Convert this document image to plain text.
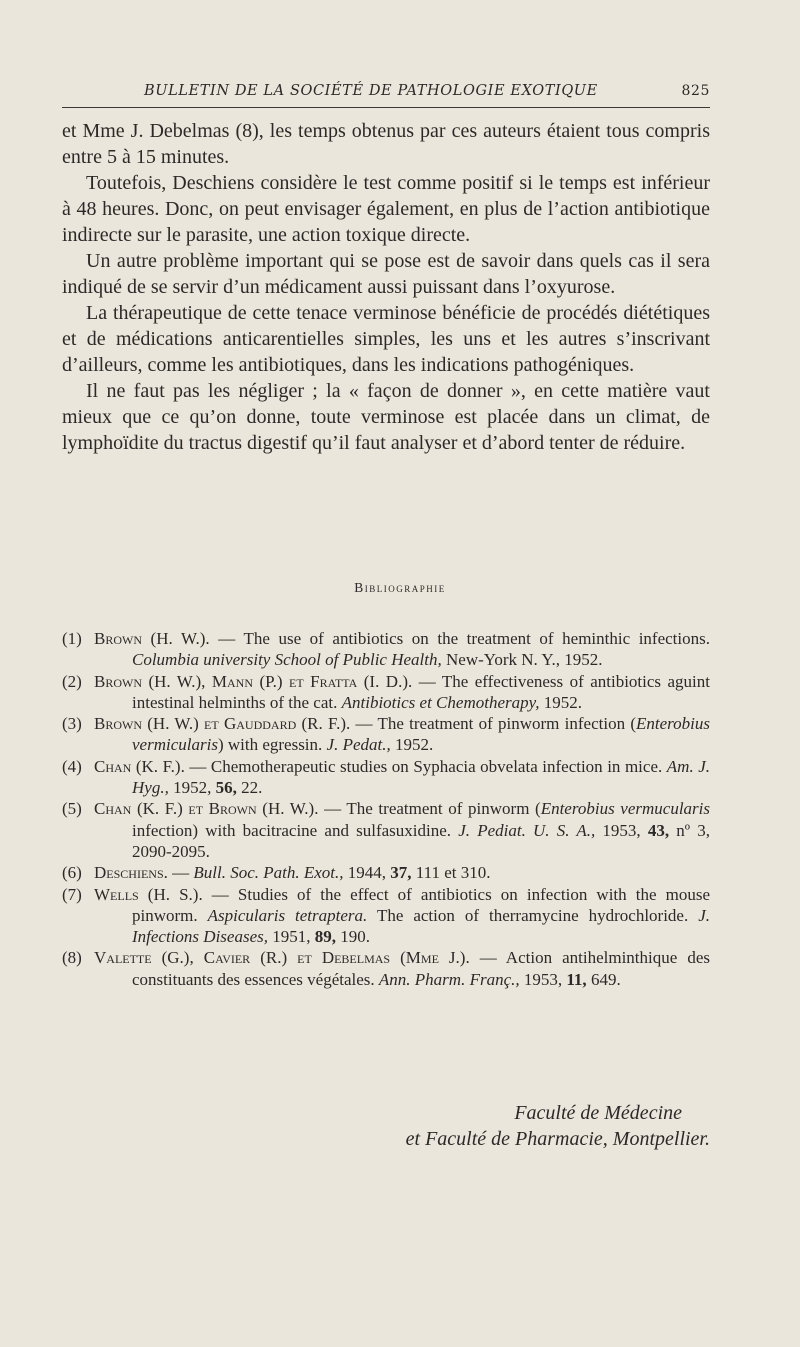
BULLETIN DE LA SOCIÉTÉ DE PATHOLOGIE EXOTIQUE	825

et Mme J. Debelmas (8), les temps obtenus par ces auteurs étaient tous compris entre 5 à 15 minutes.

Toutefois, Deschiens considère le test comme positif si le temps est inférieur à 48 heures. Donc, on peut envisager également, en plus de l’action antibiotique indirecte sur le parasite, une action toxique directe.

Un autre problème important qui se pose est de savoir dans quels cas il sera indiqué de se servir d’un médicament aussi puissant dans l’oxyurose.

La thérapeutique de cette tenace verminose bénéficie de procédés diététiques et de médications anticarentielles simples, les uns et les autres s’inscrivant d’ailleurs, comme les antibiotiques, dans les indications pathogéniques.

Il ne faut pas les négliger ; la « façon de donner », en cette matière vaut mieux que ce qu’on donne, toute verminose est placée dans un climat, de lymphoïdite du tractus digestif qu’il faut analyser et d’abord tenter de réduire.

Bibliographie
(1) Brown (H. W.). — The use of antibiotics on the treatment of heminthic infections. Columbia university School of Public Health, New-York N. Y., 1952.
(2) Brown (H. W.), Mann (P.) et Fratta (I. D.). — The effectiveness of antibiotics aguint intestinal helminths of the cat. Antibiotics et Chemotherapy, 1952.
(3) Brown (H. W.) et Gauddard (R. F.). — The treatment of pinworm infection (Enterobius vermicularis) with egressin. J. Pedat., 1952.
(4) Chan (K. F.). — Chemotherapeutic studies on Syphacia obvelata infection in mice. Am. J. Hyg., 1952, 56, 22.
(5) Chan (K. F.) et Brown (H. W.). — The treatment of pinworm (Enterobius vermucularis infection) with bacitracine and sulfasuxidine. J. Pediat. U. S. A., 1953, 43, nº 3, 2090-2095.
(6) Deschiens. — Bull. Soc. Path. Exot., 1944, 37, 111 et 310.
(7) Wells (H. S.). — Studies of the effect of antibiotics on infection with the mouse pinworm. Aspicularis tetraptera. The action of therramycine hydrochloride. J. Infections Diseases, 1951, 89, 190.
(8) Valette (G.), Cavier (R.) et Debelmas (Mme J.). — Action antihelminthique des constituants des essences végétales. Ann. Pharm. Franç., 1953, 11, 649.
Faculté de Médecine
et Faculté de Pharmacie, Montpellier.
